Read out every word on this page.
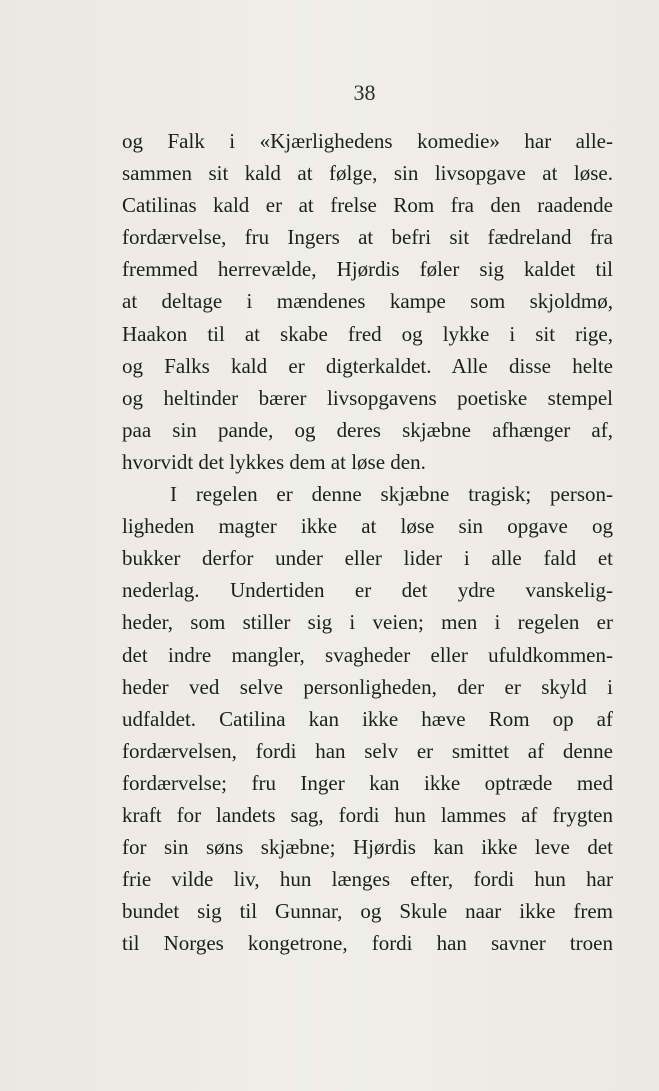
38
og Falk i «Kjærlighedens komedie» har alle-
sammen sit kald at følge, sin livsopgave at løse.
Catilinas kald er at frelse Rom fra den raadende
fordærvelse, fru Ingers at befri sit fædreland fra
fremmed herrevælde, Hjørdis føler sig kaldet til
at deltage i mændenes kampe som skjoldmø,
Haakon til at skabe fred og lykke i sit rige,
og Falks kald er digterkaldet. Alle disse helte
og heltinder bærer livsopgavens poetiske stempel
paa sin pande, og deres skjæbne afhænger af,
hvorvidt det lykkes dem at løse den.
I regelen er denne skjæbne tragisk; person-
ligheden magter ikke at løse sin opgave og
bukker derfor under eller lider i alle fald et
nederlag. Undertiden er det ydre vanskelig-
heder, som stiller sig i veien; men i regelen er
det indre mangler, svagheder eller ufuldkommen-
heder ved selve personligheden, der er skyld i
udfaldet. Catilina kan ikke hæve Rom op af
fordærvelsen, fordi han selv er smittet af denne
fordærvelse; fru Inger kan ikke optræde med
kraft for landets sag, fordi hun lammes af frygten
for sin søns skjæbne; Hjørdis kan ikke leve det
frie vilde liv, hun længes efter, fordi hun har
bundet sig til Gunnar, og Skule naar ikke frem
til Norges kongetrone, fordi han savner troen
